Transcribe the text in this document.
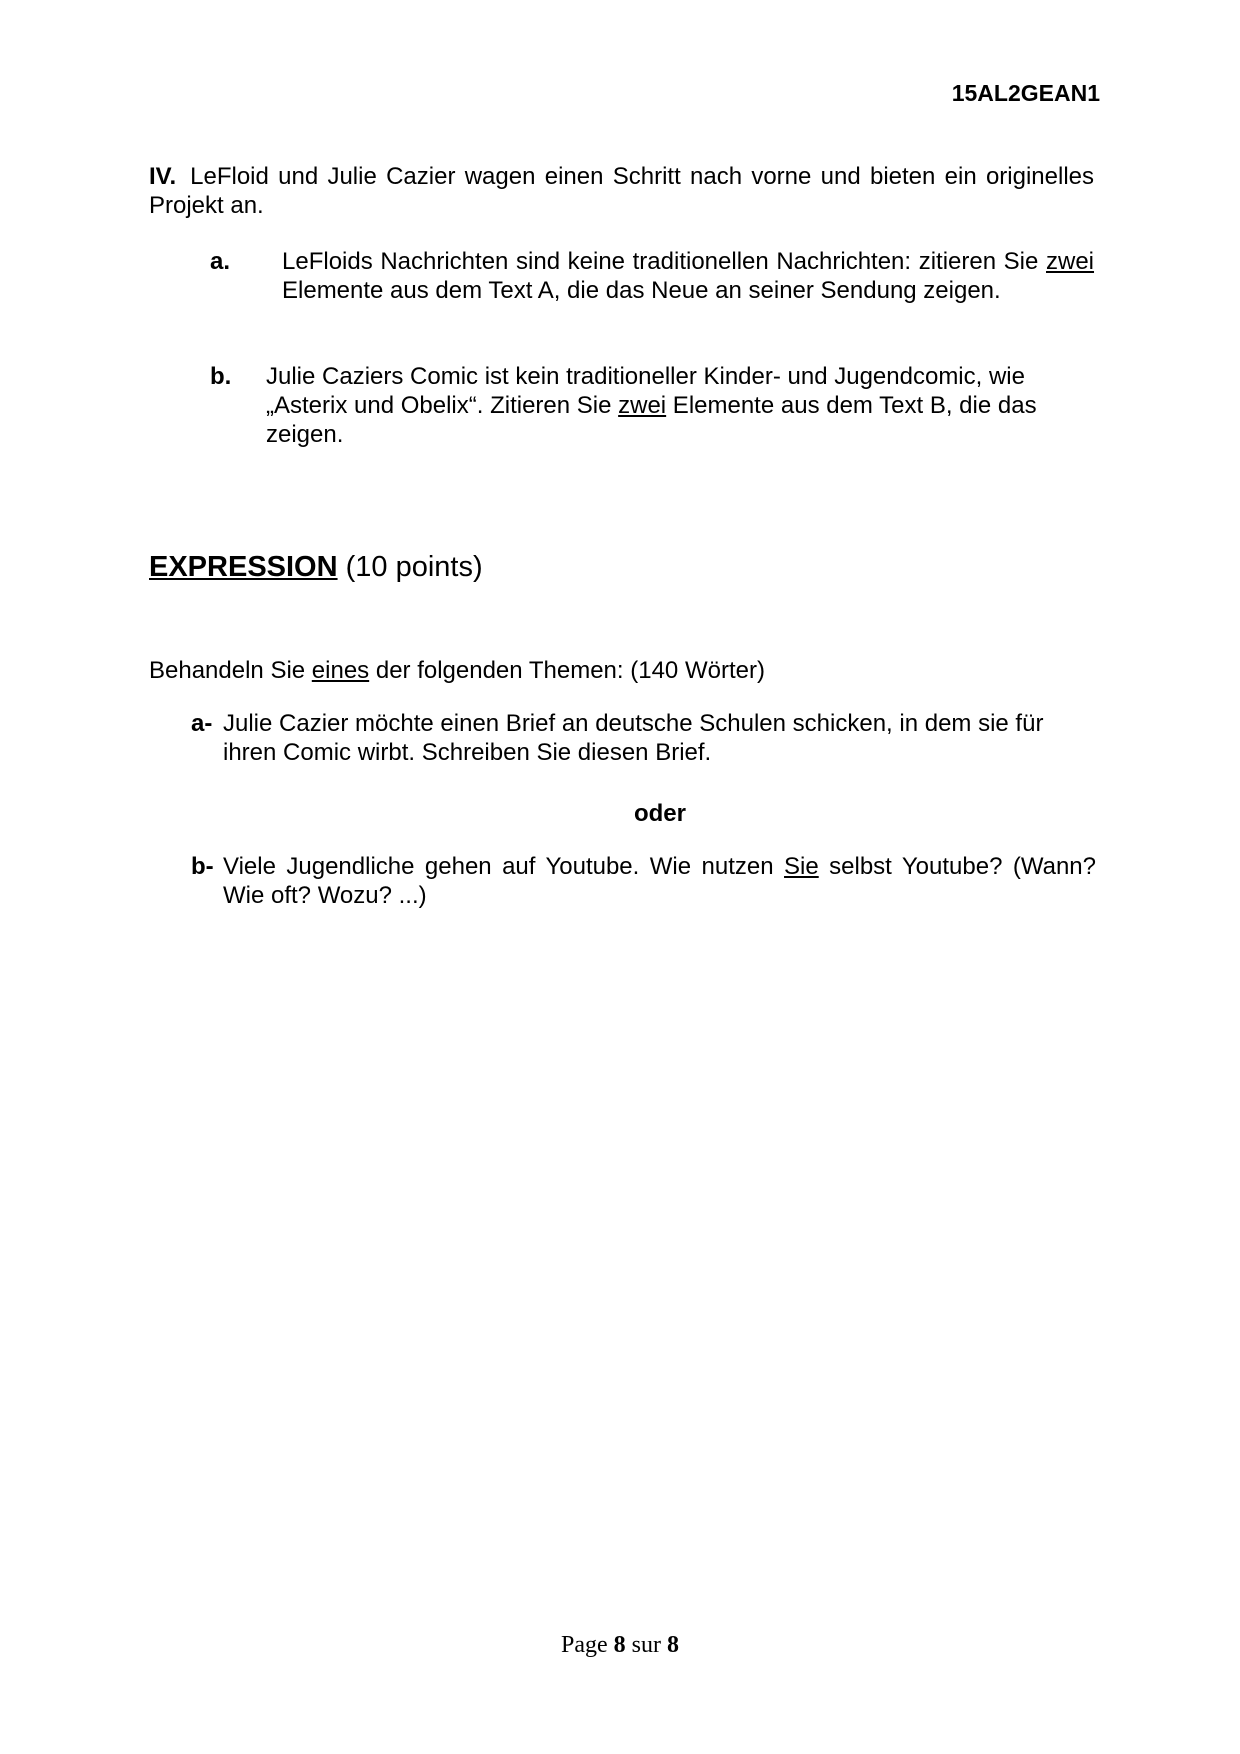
15AL2GEAN1
IV. LeFloid und Julie Cazier wagen einen Schritt nach vorne und bieten ein originelles Projekt an.
a. LeFloids Nachrichten sind keine traditionellen Nachrichten: zitieren Sie zwei Elemente aus dem Text A, die das Neue an seiner Sendung zeigen.
b. Julie Caziers Comic ist kein traditioneller Kinder- und Jugendcomic, wie „Asterix und Obelix“. Zitieren Sie zwei Elemente aus dem Text B, die das zeigen.
EXPRESSION (10 points)
Behandeln Sie eines der folgenden Themen: (140 Wörter)
a- Julie Cazier möchte einen Brief an deutsche Schulen schicken, in dem sie für ihren Comic wirbt. Schreiben Sie diesen Brief.
oder
b- Viele Jugendliche gehen auf Youtube. Wie nutzen Sie selbst Youtube? (Wann? Wie oft? Wozu? ...)
Page 8 sur 8
